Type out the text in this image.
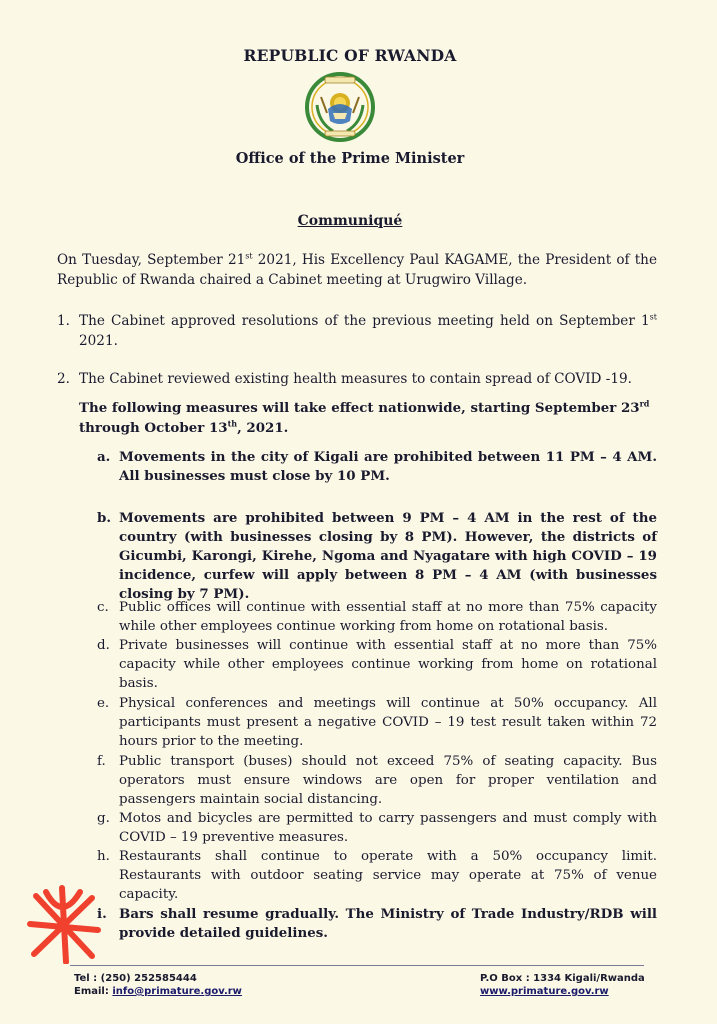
REPUBLIC OF RWANDA
Office of the Prime Minister
Communiqué
On Tuesday, September 21st 2021, His Excellency Paul KAGAME, the President of the Republic of Rwanda chaired a Cabinet meeting at Urugwiro Village.
1. The Cabinet approved resolutions of the previous meeting held on September 1st 2021.
2. The Cabinet reviewed existing health measures to contain spread of COVID -19.
The following measures will take effect nationwide, starting September 23rd through October 13th, 2021.
a. Movements in the city of Kigali are prohibited between 11 PM – 4 AM. All businesses must close by 10 PM.
b. Movements are prohibited between 9 PM – 4 AM in the rest of the country (with businesses closing by 8 PM). However, the districts of Gicumbi, Karongi, Kirehe, Ngoma and Nyagatare with high COVID – 19 incidence, curfew will apply between 8 PM – 4 AM (with businesses closing by 7 PM).
c. Public offices will continue with essential staff at no more than 75% capacity while other employees continue working from home on rotational basis.
d. Private businesses will continue with essential staff at no more than 75% capacity while other employees continue working from home on rotational basis.
e. Physical conferences and meetings will continue at 50% occupancy. All participants must present a negative COVID – 19 test result taken within 72 hours prior to the meeting.
f. Public transport (buses) should not exceed 75% of seating capacity. Bus operators must ensure windows are open for proper ventilation and passengers maintain social distancing.
g. Motos and bicycles are permitted to carry passengers and must comply with COVID – 19 preventive measures.
h. Restaurants shall continue to operate with a 50% occupancy limit. Restaurants with outdoor seating service may operate at 75% of venue capacity.
i. Bars shall resume gradually. The Ministry of Trade Industry/RDB will provide detailed guidelines.
Tel : (250) 252585444
Email: info@primature.gov.rw
P.O Box : 1334 Kigali/Rwanda
www.primature.gov.rw
